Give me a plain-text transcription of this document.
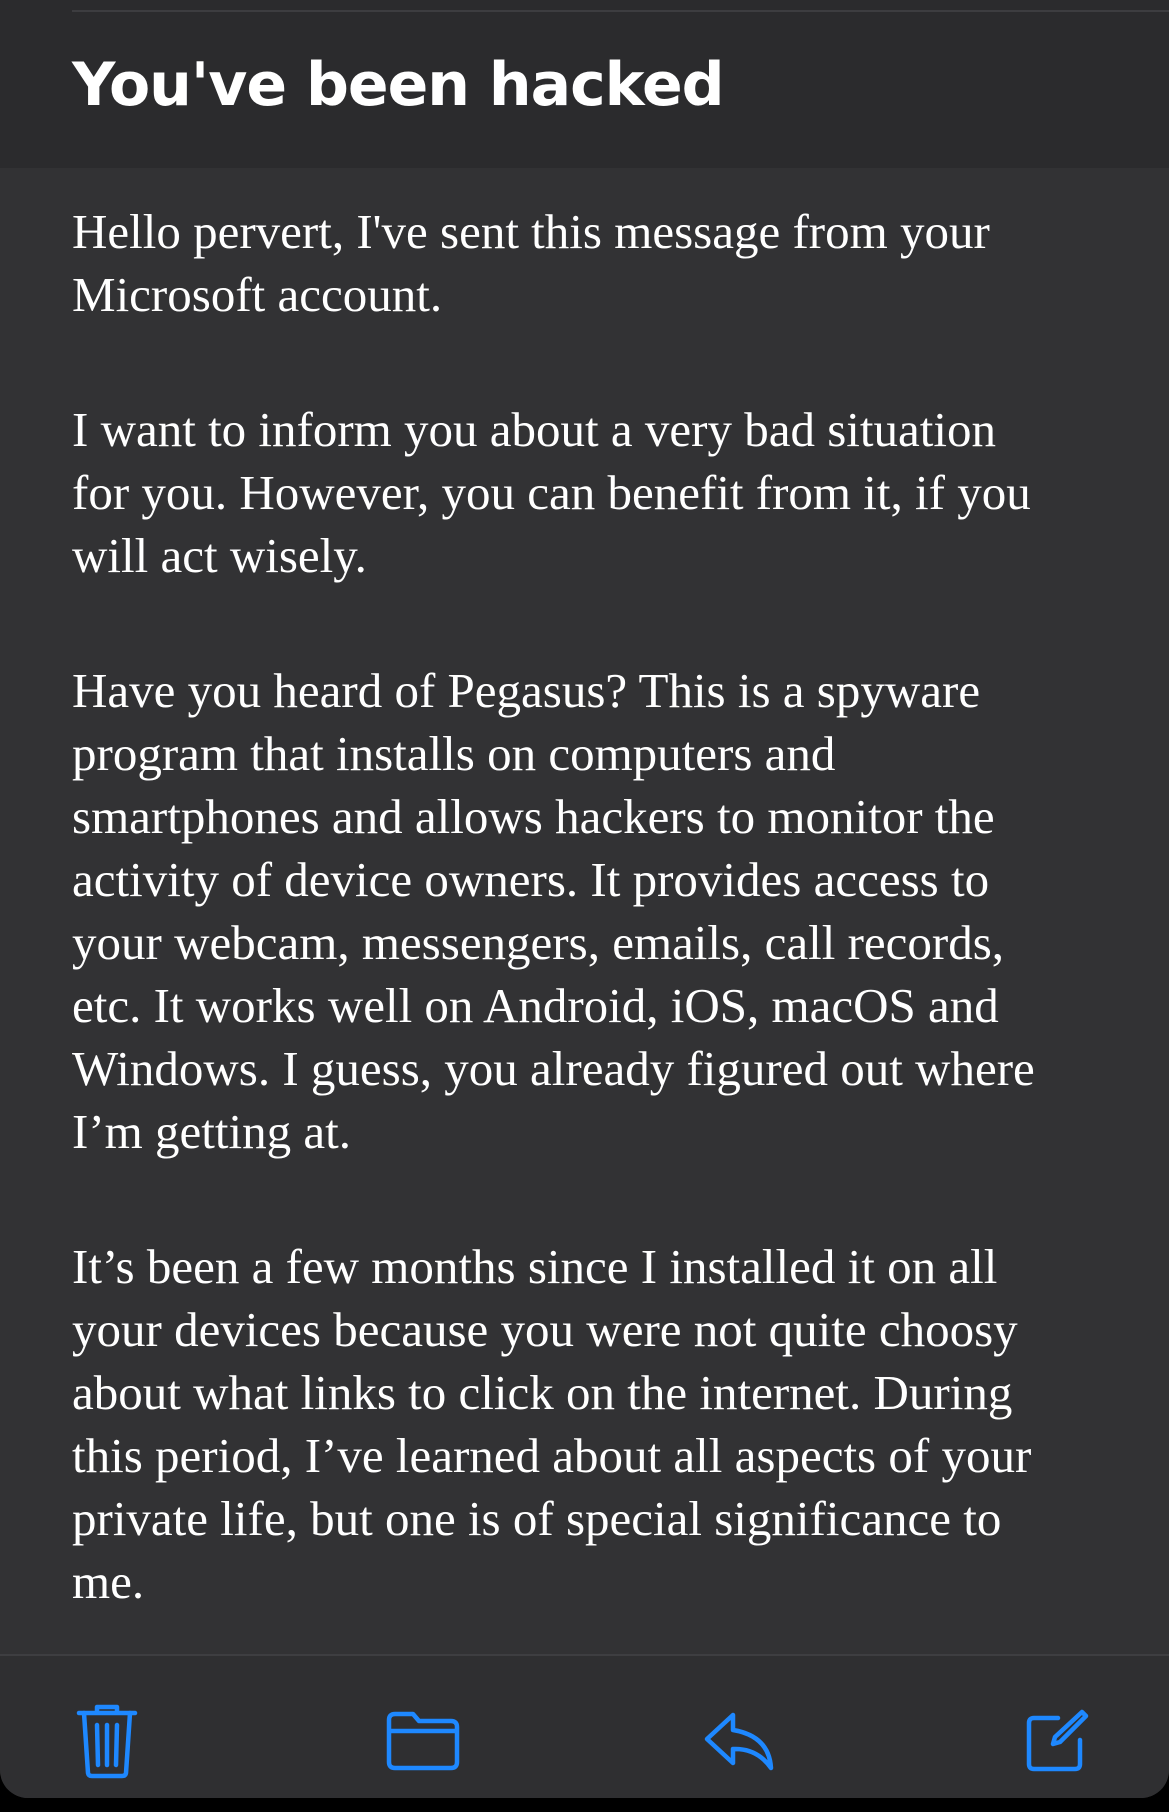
You've been hacked

Hello pervert, I've sent this message from your
Microsoft account.

I want to inform you about a very bad situation
for you. However, you can benefit from it, if you
will act wisely.

Have you heard of Pegasus? This is a spyware
program that installs on computers and
smartphones and allows hackers to monitor the
activity of device owners. It provides access to
your webcam, messengers, emails, call records,
etc. It works well on Android, iOS, macOS and
Windows. I guess, you already figured out where
I’m getting at.

It’s been a few months since I installed it on all
your devices because you were not quite choosy
about what links to click on the internet. During
this period, I’ve learned about all aspects of your
private life, but one is of special significance to
me.
